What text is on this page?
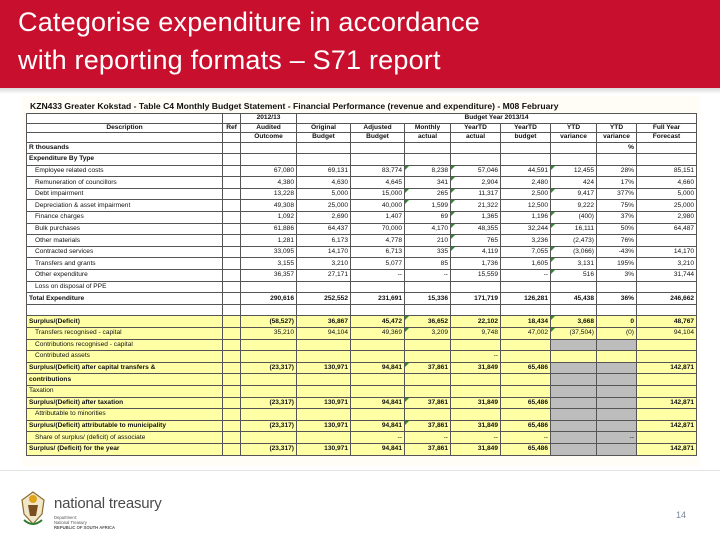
Categorise expenditure in accordance
with reporting formats – S71 report
KZN433 Greater Kokstad - Table C4 Monthly Budget Statement - Financial Performance (revenue and expenditure) - M08 February
		2012/13	Budget Year 2013/14							
Description	Ref	Audited	Original	Adjusted	Monthly	YearTD	YearTD	YTD	YTD	Full Year
		Outcome	Budget	Budget	actual	actual	budget	variance	variance	Forecast
R thousands									%	
Expenditure By Type										
Employee related costs		67,080	69,131	83,774	8,238	57,046	44,591	12,455	28%	85,151
Remuneration of councillors		4,380	4,630	4,645	341	2,904	2,480	424	17%	4,660
Debt impairment		13,228	5,000	15,000	265	11,317	2,500	9,417	377%	5,000
Depreciation & asset impairment		49,308	25,000	40,000	1,599	21,322	12,500	9,222	75%	25,000
Finance charges		1,092	2,690	1,407	69	1,365	1,196	(400)	37%	2,980
Bulk purchases		61,886	64,437	70,000	4,170	48,355	32,244	16,111	50%	64,487
Other materials		1,281	6,173	4,778	210	765	3,236	(2,473)	76%	
Contracted services		33,095	14,170	6,713	335	4,119	7,055	(3,066)	-43%	14,170
Transfers and grants		3,155	3,210	5,077	85	1,736	1,605	3,131	195%	3,210
Other expenditure		36,357	27,171	--	--	15,559	--	516	3%	31,744
Loss on disposal of PPE										
Total Expenditure		290,616	252,552	231,691	15,336	171,719	126,281	45,438	36%	246,662

Surplus/(Deficit)		(58,527)	36,867	45,472	36,652	22,102	18,434	3,668	0	48,767
Transfers recognised - capital		35,210	94,104	49,369	3,209	9,748	47,002	(37,504)	(0)	94,104
Contributions recognised - capital										
Contributed assets						--				
Surplus/(Deficit) after capital transfers &		(23,317)	130,971	94,841	37,861	31,849	65,486			142,871
contributions										
Taxation										
Surplus/(Deficit) after taxation		(23,317)	130,971	94,841	37,861	31,849	65,486			142,871
Attributable to minorities										
Surplus/(Deficit) attributable to municipality		(23,317)	130,971	94,841	37,861	31,849	65,486			142,871
Share of surplus/ (deficit) of associate				--	--	--	--		--	
Surplus/ (Deficit) for the year		(23,317)	130,971	94,841	37,861	31,849	65,486			142,871
national treasury
Department:
National Treasury
REPUBLIC OF SOUTH AFRICA
14
